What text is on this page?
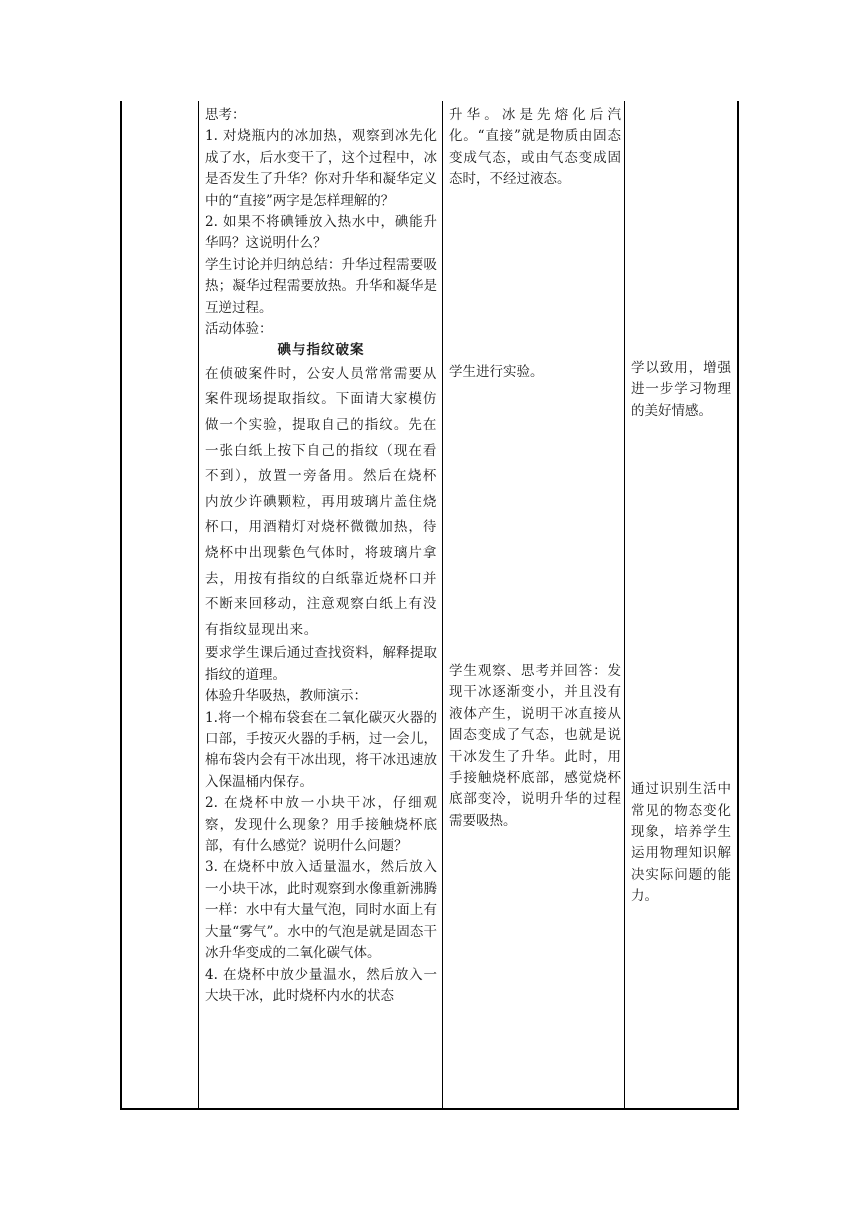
思考：

1. 对烧瓶内的冰加热，观察到冰先化成了水，后水变干了，这个过程中，冰是否发生了升华？你对升华和凝华定义中的“直接”两字是怎样理解的？

2. 如果不将碘锤放入热水中，碘能升华吗？这说明什么？

学生讨论并归纳总结：升华过程需要吸热；凝华过程需要放热。升华和凝华是互逆过程。

活动体验：

碘与指纹破案

在侦破案件时，公安人员常常需要从案件现场提取指纹。下面请大家模仿做一个实验，提取自己的指纹。先在一张白纸上按下自己的指纹（现在看不到），放置一旁备用。然后在烧杯内放少许碘颗粒，再用玻璃片盖住烧杯口，用酒精灯对烧杯微微加热，待烧杯中出现紫色气体时，将玻璃片拿去，用按有指纹的白纸靠近烧杯口并不断来回移动，注意观察白纸上有没有指纹显现出来。

要求学生课后通过查找资料，解释提取指纹的道理。

体验升华吸热，教师演示：

1.将一个棉布袋套在二氧化碳灭火器的口部，手按灭火器的手柄，过一会儿，棉布袋内会有干冰出现，将干冰迅速放入保温桶内保存。

2. 在烧杯中放一小块干冰，仔细观察，发现什么现象？用手接触烧杯底部，有什么感觉？说明什么问题？

3. 在烧杯中放入适量温水，然后放入一小块干冰，此时观察到水像重新沸腾一样：水中有大量气泡，同时水面上有大量“雾气”。水中的气泡是就是固态干冰升华变成的二氧化碳气体。

4. 在烧杯中放少量温水，然后放入一大块干冰，此时烧杯内水的状态

升华。冰是先熔化后汽化。“直接”就是物质由固态变成气态，或由气态变成固态时，不经过液态。

学生进行实验。

学生观察、思考并回答：发现干冰逐渐变小，并且没有液体产生，说明干冰直接从固态变成了气态，也就是说干冰发生了升华。此时，用手接触烧杯底部，感觉烧杯底部变冷，说明升华的过程需要吸热。

学以致用，增强进一步学习物理的美好情感。

通过识别生活中常见的物态变化现象，培养学生运用物理知识解决实际问题的能力。
